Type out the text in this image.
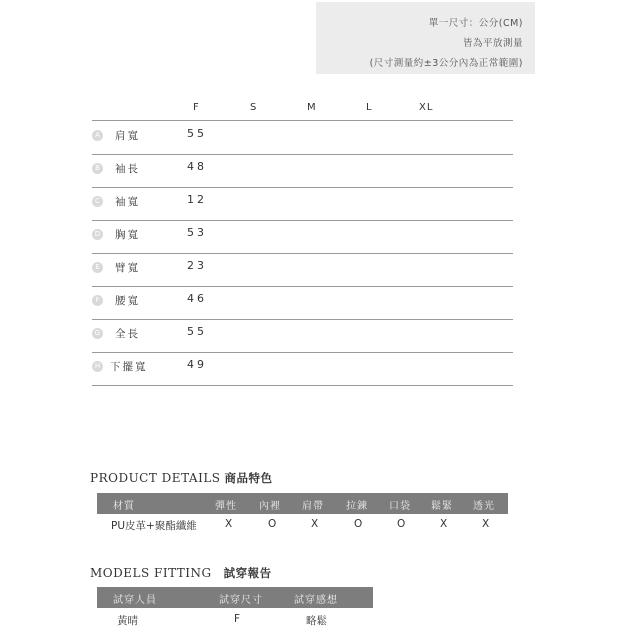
單一尺寸：公分(CM)
皆為平放測量
(尺寸測量約±3公分內為正常範圍)
F	S	M	L	XL
A 肩寬	55
B 袖長	48
C 袖寬	12
D 胸寬	53
E	臂寬	23
F	腰寬	46
G 全長	55
H 下擺寬	49
PRODUCT DETAILS 商品特色
材質	彈性 內裡 肩帶 拉鍊 口袋 鬆緊 透光
PU皮革+聚酯纖維	X	O	X	O	O	X	X
MODELS FITTING 試穿報告
試穿人員	試穿尺寸	試穿感想
黃晴	F	略鬆
